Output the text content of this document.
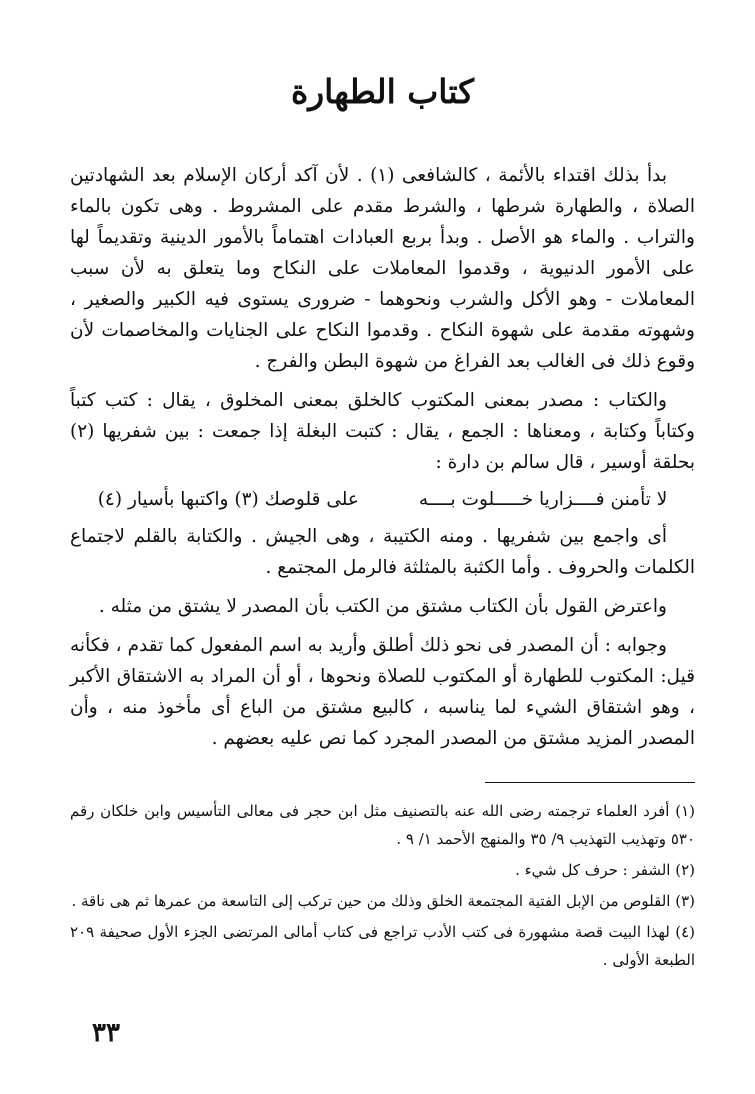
كتاب الطهارة

بدأ بذلك اقتداء بالأئمة ، كالشافعى (١) . لأن آكد أركان الإسلام بعد الشهادتين الصلاة ، والطهارة شرطها ، والشرط مقدم على المشروط . وهى تكون بالماء والتراب . والماء هو الأصل . وبدأ بربع العبادات اهتماماً بالأمور الدينية وتقديماً لها على الأمور الدنيوية ، وقدموا المعاملات على النكاح وما يتعلق به لأن سبب المعاملات - وهو الأكل والشرب ونحوهما - ضرورى يستوى فيه الكبير والصغير ، وشهوته مقدمة على شهوة النكاح . وقدموا النكاح على الجنايات والمخاصمات لأن وقوع ذلك فى الغالب بعد الفراغ من شهوة البطن والفرج .

والكتاب : مصدر بمعنى المكتوب كالخلق بمعنى المخلوق ، يقال : كتب كتباً وكتاباً وكتابة ، ومعناها : الجمع ، يقال : كتبت البغلة إذا جمعت : بين شفريها (٢) بحلقة أوسير ، قال سالم بن دارة :

لا تأمنن فــــزاريا خـــــلوت بــــه
على قلوصك (٣) واكتبها بأسيار (٤)

أى واجمع بين شفريها . ومنه الكتيبة ، وهى الجيش . والكتابة بالقلم لاجتماع الكلمات والحروف . وأما الكثبة بالمثلثة فالرمل المجتمع .

واعترض القول بأن الكتاب مشتق من الكتب بأن المصدر لا يشتق من مثله .

وجوابه : أن المصدر فى نحو ذلك أطلق وأريد به اسم المفعول كما تقدم ، فكأنه قيل: المكتوب للطهارة أو المكتوب للصلاة ونحوها ، أو أن المراد به الاشتقاق الأكبر ، وهو اشتقاق الشيء لما يناسبه ، كالبيع مشتق من الباع أى مأخوذ منه ، وأن المصدر المزيد مشتق من المصدر المجرد كما نص عليه بعضهم .

(١) أفرد العلماء ترجمته رضى الله عنه بالتصنيف مثل ابن حجر فى معالى التأسيس وابن خلكان رقم ٥٣٠ وتهذيب التهذيب ٩/ ٣٥ والمنهج الأحمد ١/ ٩ .

(٢) الشفر : حرف كل شيء .

(٣) القلوص من الإبل الفتية المجتمعة الخلق وذلك من حين تركب إلى التاسعة من عمرها ثم هى ناقة .

(٤) لهذا البيت قصة مشهورة فى كتب الأدب تراجع فى كتاب أمالى المرتضى الجزء الأول صحيفة ٢٠٩ الطبعة الأولى .

٣٣
